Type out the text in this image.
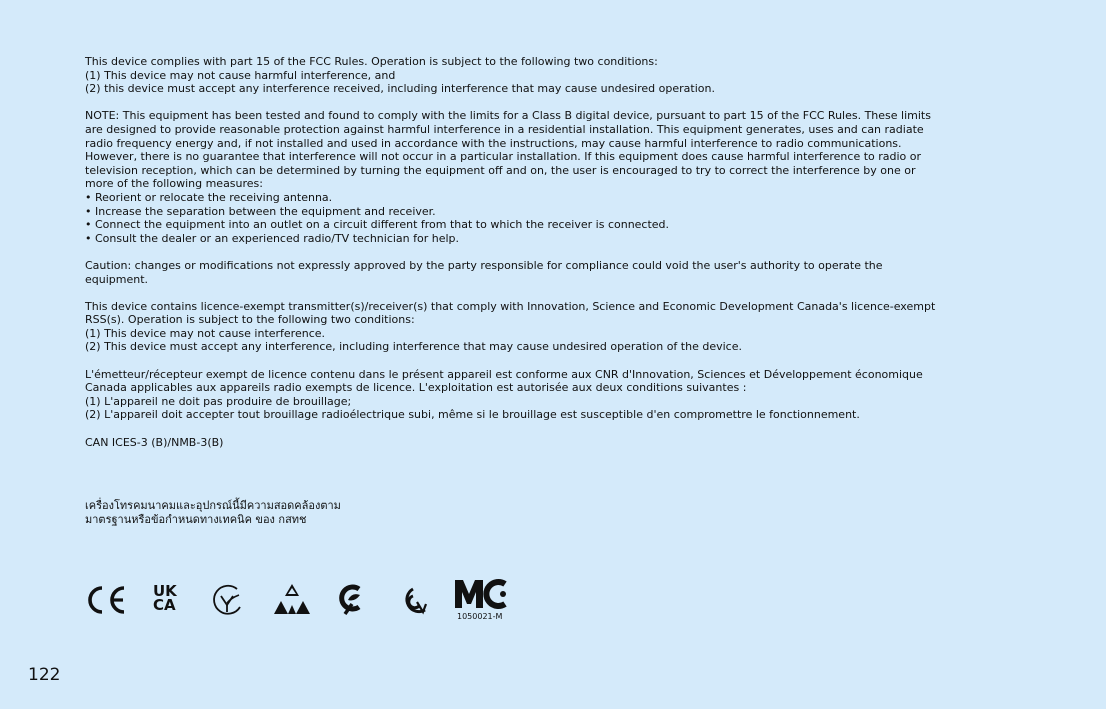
This device complies with part 15 of the FCC Rules. Operation is subject to the following two conditions:
(1) This device may not cause harmful interference, and
(2) this device must accept any interference received, including interference that may cause undesired operation.
NOTE: This equipment has been tested and found to comply with the limits for a Class B digital device, pursuant to part 15 of the FCC Rules. These limits
are designed to provide reasonable protection against harmful interference in a residential installation. This equipment generates, uses and can radiate
radio frequency energy and, if not installed and used in accordance with the instructions, may cause harmful interference to radio communications.
However, there is no guarantee that interference will not occur in a particular installation. If this equipment does cause harmful interference to radio or
television reception, which can be determined by turning the equipment off and on, the user is encouraged to try to correct the interference by one or
more of the following measures:
• Reorient or relocate the receiving antenna.
• Increase the separation between the equipment and receiver.
• Connect the equipment into an outlet on a circuit different from that to which the receiver is connected.
• Consult the dealer or an experienced radio/TV technician for help.
Caution: changes or modifications not expressly approved by the party responsible for compliance could void the user's authority to operate the
equipment.
This device contains licence-exempt transmitter(s)/receiver(s) that comply with Innovation, Science and Economic Development Canada's licence-exempt
RSS(s). Operation is subject to the following two conditions:
(1) This device may not cause interference.
(2) This device must accept any interference, including interference that may cause undesired operation of the device.
L'émetteur/récepteur exempt de licence contenu dans le présent appareil est conforme aux CNR d'Innovation, Sciences et Développement économique
Canada applicables aux appareils radio exempts de licence. L'exploitation est autorisée aux deux conditions suivantes :
(1) L'appareil ne doit pas produire de brouillage;
(2) L'appareil doit accepter tout brouillage radioélectrique subi, même si le brouillage est susceptible d'en compromettre le fonctionnement.
CAN ICES-3 (B)/NMB-3(B)
เครื่องโทรคมนาคมและอุปกรณ์นี้มีความสอดคล้องตาม
มาตรฐานหรือข้อกำหนดทางเทคนิค ของ กสทช
UK
CA
1050021-M
122
